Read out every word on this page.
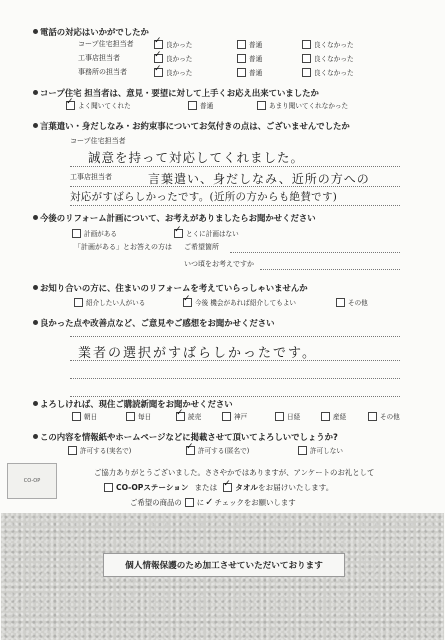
電話の対応はいかがでしたか
コープ住宅担当者 ✓	良かった	普通	良くなかった
工事店担当者 ✓	良かった	普通	良くなかった
事務所の担当者 ✓	良かった	普通	良くなかった
コープ住宅 担当者は、意見・要望に対して上手くお応え出来ていましたか
✓
よく聞いてくれた	普通	あまり聞いてくれなかった
言葉遣い・身だしなみ・お約束事についてお気付きの点は、ございませんでしたか
コープ住宅担当者
誠意を持って対応してくれました。
工事店担当者	言葉遣い、身だしなみ、近所の方への
対応がすばらしかったです。(近所の方からも絶賛です)
今後のリフォーム計画について、お考えがありましたらお聞かせください
計画がある ✓	とくに計画はない
「計画がある」とお答えの方は ご希望箇所
いつ頃をお考えですか
お知り合いの方に、住まいのリフォームを考えていらっしゃいませんか
紹介したい人がいる ✓	今後 機会があれば紹介してもよい	その他
良かった点や改善点など、ご意見やご感想をお聞かせください
業者の選択がすばらしかったです。
よろしければ、現住ご購読新聞をお聞かせください
朝日	毎日 ✓	読売	神戸	日経	産経	その他
この内容を情報紙やホームページなどに掲載させて頂いてよろしいでしょうか?
許可する(実名で) ✓	許可する(匿名で)	許可しない
CO-OP
ご協力ありがとうございました。ささやかではありますが、アンケートのお礼として
CO-OPステーション または ✓ タオル をお届けいたします。
ご希望の商品の に ✓ チェックをお願いします
個人情報保護のため加工させていただいております
